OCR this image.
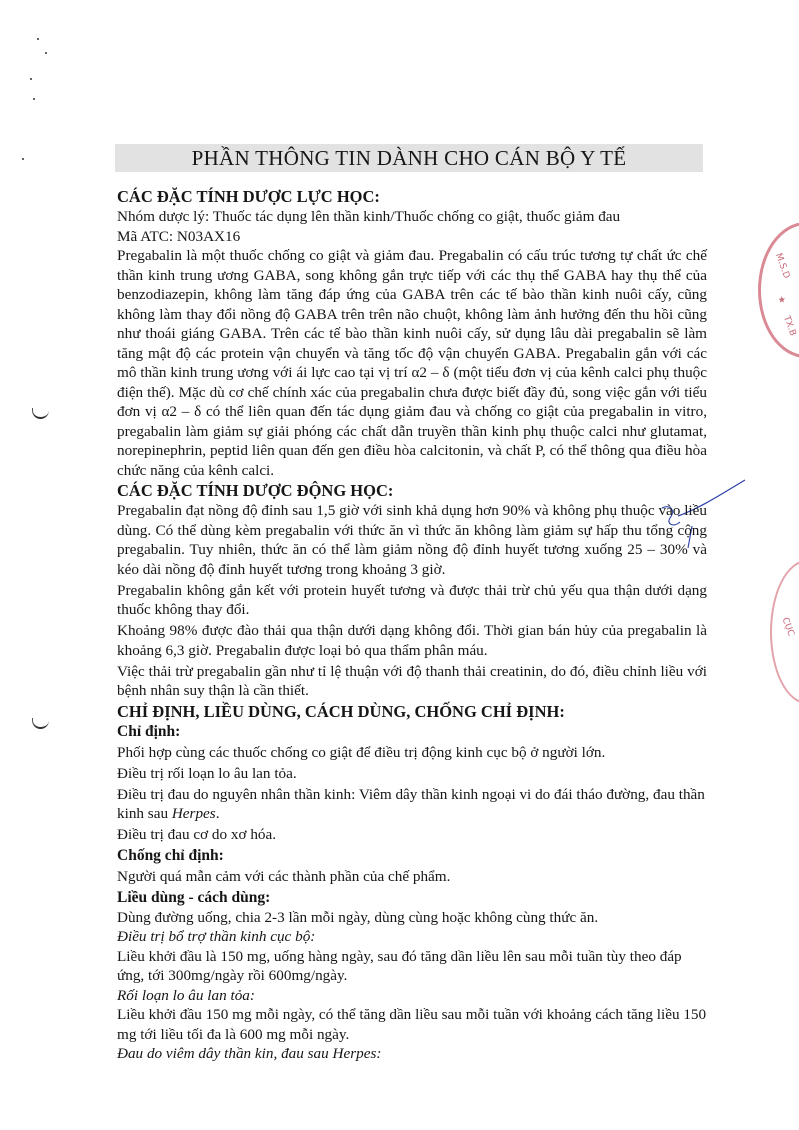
M.S.D
★
TX.B
CỤC
PHẦN THÔNG TIN DÀNH CHO CÁN BỘ Y TẾ

CÁC ĐẶC TÍNH DƯỢC LỰC HỌC:

Nhóm dược lý: Thuốc tác dụng lên thần kinh/Thuốc chống co giật, thuốc giảm đau

Mã ATC: N03AX16

Pregabalin là một thuốc chống co giật và giảm đau. Pregabalin có cấu trúc tương tự chất ức chế thần kinh trung ương GABA, song không gắn trực tiếp với các thụ thể GABA hay thụ thể của benzodiazepin, không làm tăng đáp ứng của GABA trên các tế bào thần kinh nuôi cấy, cũng không làm thay đổi nồng độ GABA trên trên não chuột, không làm ảnh hưởng đến thu hồi cũng như thoái giáng GABA. Trên các tế bào thần kinh nuôi cấy, sử dụng lâu dài pregabalin sẽ làm tăng mật độ các protein vận chuyển và tăng tốc độ vận chuyển GABA. Pregabalin gắn với các mô thần kinh trung ương với ái lực cao tại vị trí α2 – δ (một tiểu đơn vị của kênh calci phụ thuộc điện thế). Mặc dù cơ chế chính xác của pregabalin chưa được biết đầy đủ, song việc gắn với tiểu đơn vị α2 – δ có thể liên quan đến tác dụng giảm đau và chống co giật của pregabalin in vitro, pregabalin làm giảm sự giải phóng các chất dẫn truyền thần kinh phụ thuộc calci như glutamat, norepinephrin, peptid liên quan đến gen điều hòa calcitonin, và chất P, có thể thông qua điều hòa chức năng của kênh calci.

CÁC ĐẶC TÍNH DƯỢC ĐỘNG HỌC:

Pregabalin đạt nồng độ đỉnh sau 1,5 giờ với sinh khả dụng hơn 90% và không phụ thuộc vào liều dùng. Có thể dùng kèm pregabalin với thức ăn vì thức ăn không làm giảm sự hấp thu tổng cộng pregabalin. Tuy nhiên, thức ăn có thể làm giảm nồng độ đỉnh huyết tương xuống 25 – 30% và kéo dài nồng độ đỉnh huyết tương trong khoảng 3 giờ.

Pregabalin không gắn kết với protein huyết tương và được thải trừ chủ yếu qua thận dưới dạng thuốc không thay đổi.

Khoảng 98% được đào thải qua thận dưới dạng không đổi. Thời gian bán hủy của pregabalin là khoảng 6,3 giờ. Pregabalin được loại bỏ qua thẩm phân máu.

Việc thải trừ pregabalin gần như tỉ lệ thuận với độ thanh thải creatinin, do đó, điều chỉnh liều với bệnh nhân suy thận là cần thiết.

CHỈ ĐỊNH, LIỀU DÙNG, CÁCH DÙNG, CHỐNG CHỈ ĐỊNH:

Chỉ định:

Phối hợp cùng các thuốc chống co giật để điều trị động kinh cục bộ ở người lớn.

Điều trị rối loạn lo âu lan tỏa.

Điều trị đau do nguyên nhân thần kinh: Viêm dây thần kinh ngoại vi do đái tháo đường, đau thần kinh sau Herpes.

Điều trị đau cơ do xơ hóa.

Chống chỉ định:

Người quá mẫn cảm với các thành phần của chế phẩm.

Liều dùng - cách dùng:

Dùng đường uống, chia 2-3 lần mỗi ngày, dùng cùng hoặc không cùng thức ăn.

Điều trị bổ trợ thần kinh cục bộ:

Liều khởi đầu là 150 mg, uống hàng ngày, sau đó tăng dần liều lên sau mỗi tuần tùy theo đáp ứng, tới 300mg/ngày rồi 600mg/ngày.

Rối loạn lo âu lan tỏa:

Liều khởi đầu 150 mg mỗi ngày, có thể tăng dần liều sau mỗi tuần với khoảng cách tăng liều 150 mg tới liều tối đa là 600 mg mỗi ngày.

Đau do viêm dây thần kin, đau sau Herpes:
